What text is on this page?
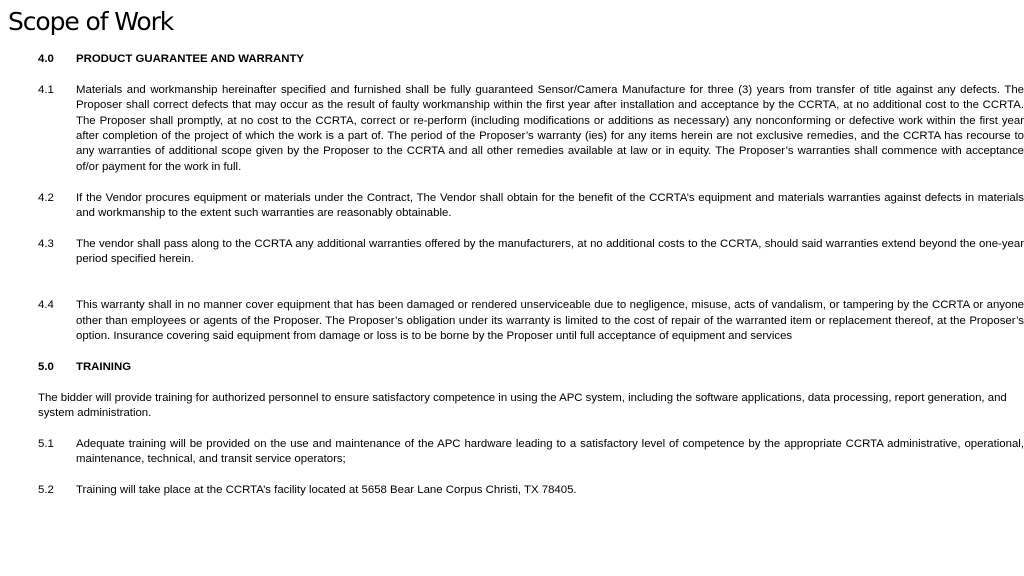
Scope of Work
4.0	PRODUCT GUARANTEE AND WARRANTY
4.1	Materials and workmanship hereinafter specified and furnished shall be fully guaranteed Sensor/Camera Manufacture for three (3) years from transfer of title against any defects. The Proposer shall correct defects that may occur as the result of faulty workmanship within the first year after installation and acceptance by the CCRTA, at no additional cost to the CCRTA. The Proposer shall promptly, at no cost to the CCRTA, correct or re-perform (including modifications or additions as necessary) any nonconforming or defective work within the first year after completion of the project of which the work is a part of. The period of the Proposer’s warranty (ies) for any items herein are not exclusive remedies, and the CCRTA has recourse to any warranties of additional scope given by the Proposer to the CCRTA and all other remedies available at law or in equity. The Proposer’s warranties shall commence with acceptance of/or payment for the work in full.
4.2	If the Vendor procures equipment or materials under the Contract, The Vendor shall obtain for the benefit of the CCRTA’s equipment and materials warranties against defects in materials and workmanship to the extent such warranties are reasonably obtainable.
4.3	The vendor shall pass along to the CCRTA any additional warranties offered by the manufacturers, at no additional costs to the CCRTA, should said warranties extend beyond the one-year period specified herein.
4.4	This warranty shall in no manner cover equipment that has been damaged or rendered unserviceable due to negligence, misuse, acts of vandalism, or tampering by the CCRTA or anyone other than employees or agents of the Proposer. The Proposer’s obligation under its warranty is limited to the cost of repair of the warranted item or replacement thereof, at the Proposer’s option. Insurance covering said equipment from damage or loss is to be borne by the Proposer until full acceptance of equipment and services
5.0	TRAINING

The bidder will provide training for authorized personnel to ensure satisfactory competence in using the APC system, including the software applications, data processing, report generation, and system administration.

5.1	Adequate training will be provided on the use and maintenance of the APC hardware leading to a satisfactory level of competence by the appropriate CCRTA administrative, operational, maintenance, technical, and transit service operators;
5.2	Training will take place at the CCRTA’s facility located at 5658 Bear Lane Corpus Christi, TX 78405.
